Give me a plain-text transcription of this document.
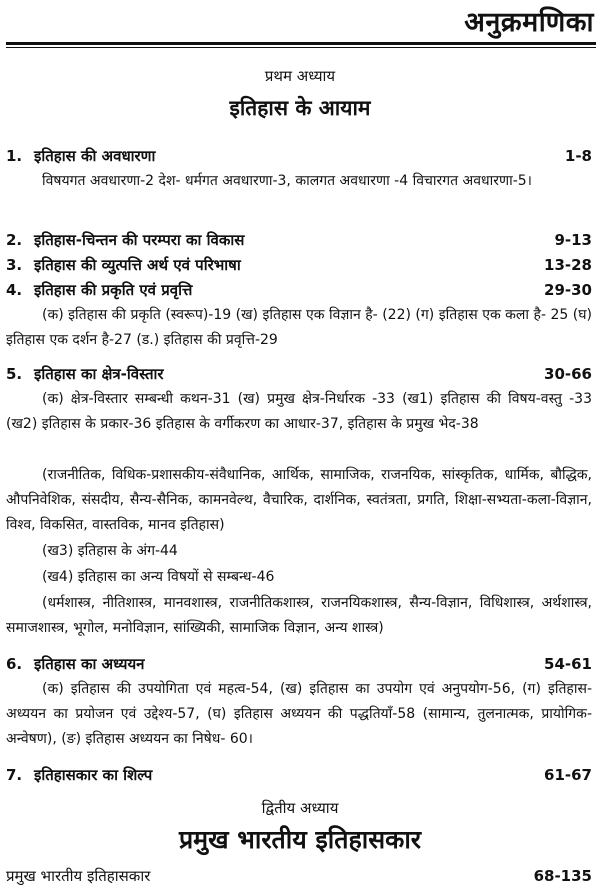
अनुक्रमणिका
प्रथम अध्याय
इतिहास के आयाम
1. इतिहास की अवधारणा	1-8
विषयगत अवधारणा-2 देश- धर्मगत अवधारणा-3, कालगत अवधारणा -4 विचारगत अवधारणा-5।
2. इतिहास-चिन्तन की परम्परा का विकास	9-13
3. इतिहास की व्युत्पत्ति अर्थ एवं परिभाषा	13-28
4. इतिहास की प्रकृति एवं प्रवृत्ति	29-30
(क) इतिहास की प्रकृति (स्वरूप)-19 (ख) इतिहास एक विज्ञान है- (22) (ग) इतिहास एक कला है- 25 (घ) इतिहास एक दर्शन है-27 (ड.) इतिहास की प्रवृत्ति-29
5. इतिहास का क्षेत्र-विस्तार	30-66
(क) क्षेत्र-विस्तार सम्बन्धी कथन-31 (ख) प्रमुख क्षेत्र-निर्धारक -33 (ख1) इतिहास की विषय-वस्तु -33 (ख2) इतिहास के प्रकार-36 इतिहास के वर्गीकरण का आधार-37, इतिहास के प्रमुख भेद-38
(राजनीतिक, विधिक-प्रशासकीय-संवैधानिक, आर्थिक, सामाजिक, राजनयिक, सांस्कृतिक, धार्मिक, बौद्धिक, औपनिवेशिक, संसदीय, सैन्य-सैनिक, कामनवेल्थ, वैचारिक, दार्शनिक, स्वतंत्रता, प्रगति, शिक्षा-सभ्यता-कला-विज्ञान, विश्व, विकसित, वास्तविक, मानव इतिहास)
(ख3) इतिहास के अंग-44
(ख4) इतिहास का अन्य विषयों से सम्बन्ध-46
(धर्मशास्त्र, नीतिशास्त्र, मानवशास्त्र, राजनीतिकशास्त्र, राजनयिकशास्त्र, सैन्य-विज्ञान, विधिशास्त्र, अर्थशास्त्र, समाजशास्त्र, भूगोल, मनोविज्ञान, सांख्यिकी, सामाजिक विज्ञान, अन्य शास्त्र)
6. इतिहास का अध्ययन	54-61
(क) इतिहास की उपयोगिता एवं महत्व-54, (ख) इतिहास का उपयोग एवं अनुपयोग-56, (ग) इतिहास-अध्ययन का प्रयोजन एवं उद्देश्य-57, (घ) इतिहास अध्ययन की पद्धतियाँ-58 (सामान्य, तुलनात्मक, प्रायोगिक-अन्वेषण), (ङ) इतिहास अध्ययन का निषेध- 60।
7. इतिहासकार का शिल्प	61-67
द्वितीय अध्याय
प्रमुख भारतीय इतिहासकार
प्रमुख भारतीय इतिहासकार	68-135
